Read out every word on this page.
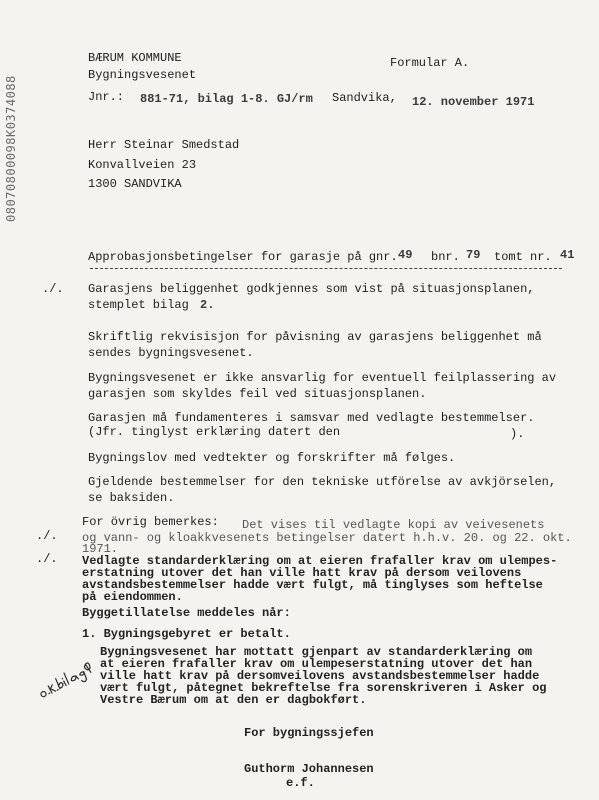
08070800098K0374088
BÆRUM KOMMUNE
Bygningsvesenet
Formular A.
Jnr.: 881-71, bilag 1-8. GJ/rm Sandvika, 12. november 1971
Herr Steinar Smedstad
Konvallveien 23
1300 SANDVIKA
Approbasjonsbetingelser for garasje på gnr. 49 bnr. 79 tomt nr. 41
./. Garasjens beliggenhet godkjennes som vist på situasjonsplanen,
stemplet bilag 2.
Skriftlig rekvisisjon for påvisning av garasjens beliggenhet må
sendes bygningsvesenet.
Bygningsvesenet er ikke ansvarlig for eventuell feilplassering av
garasjen som skyldes feil ved situasjonsplanen.
Garasjen må fundamenteres i samsvar med vedlagte bestemmelser.
(Jfr. tinglyst erklæring datert den	).
Bygningslov med vedtekter og forskrifter må følges.
Gjeldende bestemmelser for den tekniske utförelse av avkjörselen,
se baksiden.
For övrig bemerkes: Det vises til vedlagte kopi av veivesenets
./. og vann- og kloakkvesenets betingelser datert h.h.v. 20. og 22. okt.
1971.
./. Vedlagte standarderklæring om at eieren frafaller krav om ulempes-
erstatning utover det han ville hatt krav på dersom veilovens
avstandsbestemmelser hadde vært fulgt, må tinglyses som heftelse
på eiendommen.
Byggetillatelse meddeles når:
1. Bygningsgebyret er betalt.
Bygningsvesenet har mottatt gjenpart av standarderklæring om
at eieren frafaller krav om ulempeserstatning utover det han
ville hatt krav på dersomveilovens avstandsbestemmelser hadde
vært fulgt, påtegnet bekreftelse fra sorenskriveren i Asker og
Vestre Bærum om at den er dagbokført.
For bygningssjefen
Guthorm Johannesen
e.f.
